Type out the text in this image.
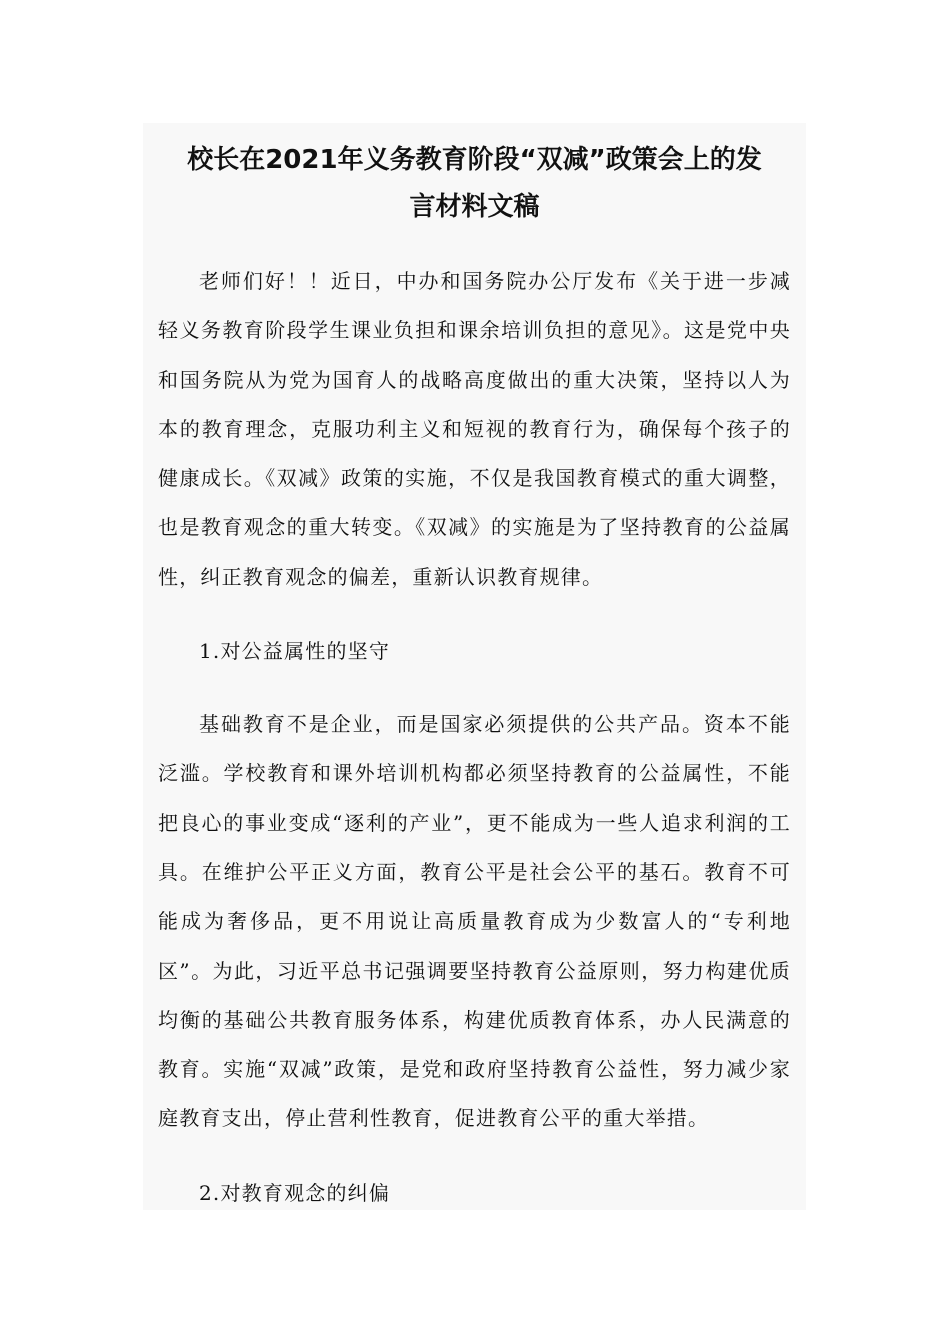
校长在2021年义务教育阶段“双减”政策会上的发
言材料文稿

老师们好！！近日，中办和国务院办公厅发布《关于进一步减轻义务教育阶段学生课业负担和课余培训负担的意见》。这是党中央和国务院从为党为国育人的战略高度做出的重大决策，坚持以人为本的教育理念，克服功利主义和短视的教育行为，确保每个孩子的健康成长。《双减》政策的实施，不仅是我国教育模式的重大调整，也是教育观念的重大转变。《双减》的实施是为了坚持教育的公益属性，纠正教育观念的偏差，重新认识教育规律。

1.对公益属性的坚守

基础教育不是企业，而是国家必须提供的公共产品。资本不能泛滥。学校教育和课外培训机构都必须坚持教育的公益属性，不能把良心的事业变成“逐利的产业”，更不能成为一些人追求利润的工具。在维护公平正义方面，教育公平是社会公平的基石。教育不可能成为奢侈品，更不用说让高质量教育成为少数富人的“专利地区”。为此，习近平总书记强调要坚持教育公益原则，努力构建优质均衡的基础公共教育服务体系，构建优质教育体系，办人民满意的教育。实施“双减”政策，是党和政府坚持教育公益性，努力减少家庭教育支出，停止营利性教育，促进教育公平的重大举措。

2.对教育观念的纠偏
